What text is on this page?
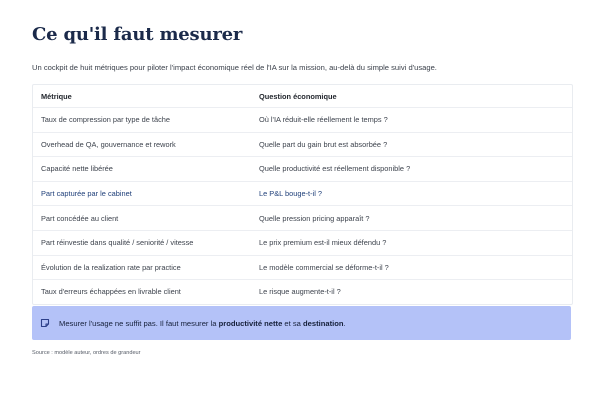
Ce qu'il faut mesurer
Un cockpit de huit métriques pour piloter l'impact économique réel de l'IA sur la mission, au-delà du simple suivi d'usage.
Métrique	Question économique
Taux de compression par type de tâche	Où l'IA réduit-elle réellement le temps ?
Overhead de QA, gouvernance et rework	Quelle part du gain brut est absorbée ?
Capacité nette libérée	Quelle productivité est réellement disponible ?
Part capturée par le cabinet	Le P&L bouge-t-il ?
Part concédée au client	Quelle pression pricing apparaît ?
Part réinvestie dans qualité / seniorité / vitesse	Le prix premium est-il mieux défendu ?
Évolution de la realization rate par practice	Le modèle commercial se déforme-t-il ?
Taux d'erreurs échappées en livrable client	Le risque augmente-t-il ?
Mesurer l'usage ne suffit pas. Il faut mesurer la productivité nette et sa destination.
Source : modèle auteur, ordres de grandeur
